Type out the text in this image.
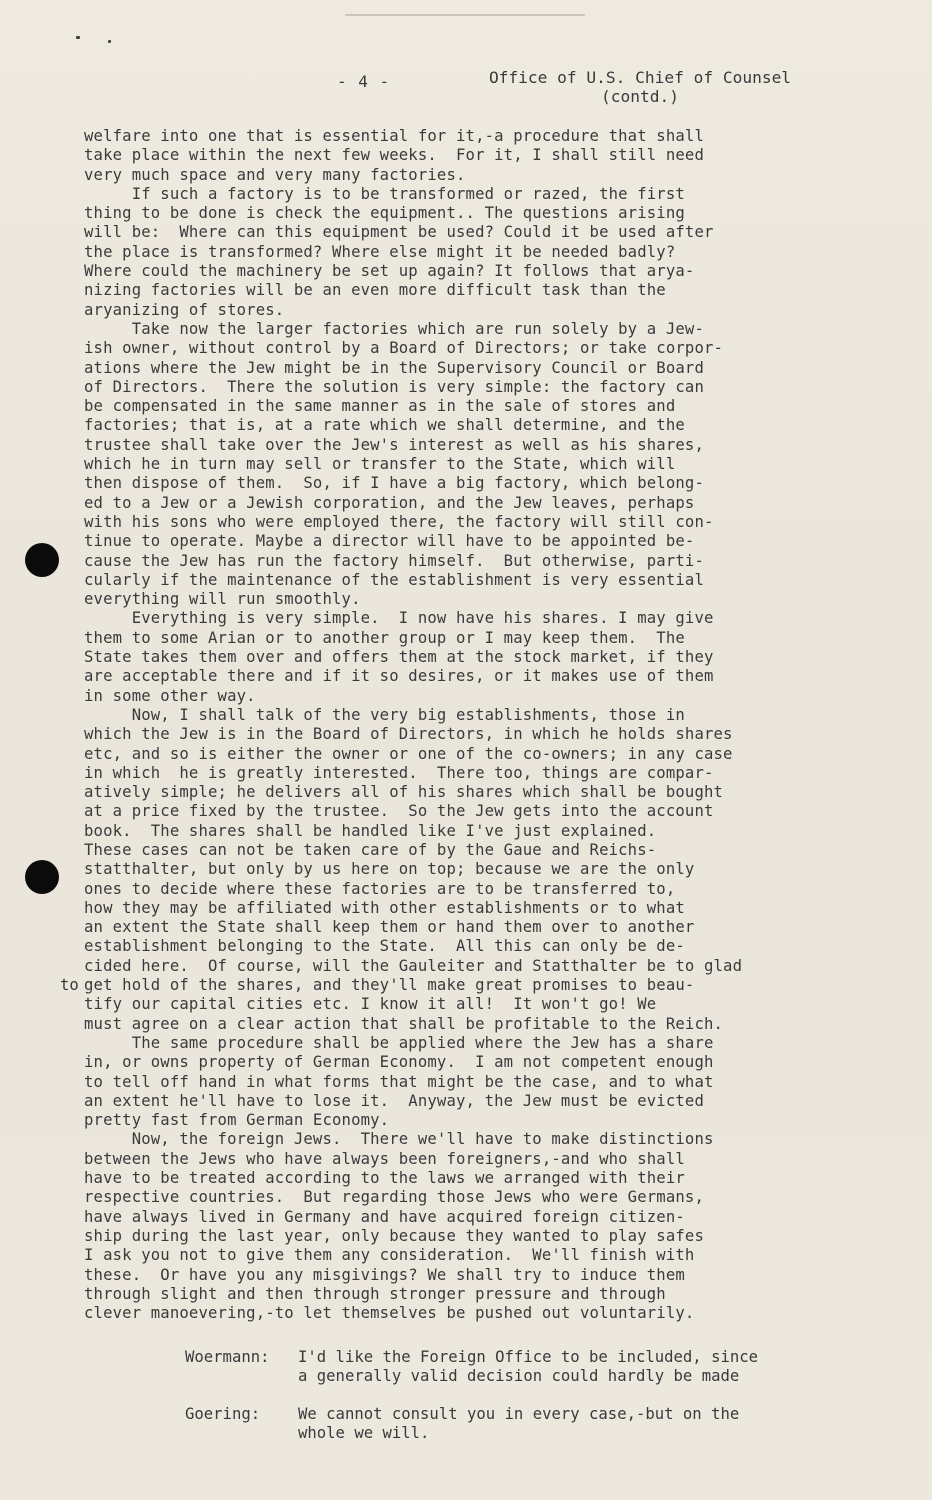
- 4 -	Office of U.S. Chief of Counsel
(contd.)
welfare into one that is essential for it,-a procedure that shall
take place within the next few weeks.  For it, I shall still need
very much space and very many factories.
If such a factory is to be transformed or razed, the first
thing to be done is check the equipment.. The questions arising
will be:  Where can this equipment be used? Could it be used after
the place is transformed? Where else might it be needed badly?
Where could the machinery be set up again? It follows that arya-
nizing factories will be an even more difficult task than the
aryanizing of stores.
Take now the larger factories which are run solely by a Jew-
ish owner, without control by a Board of Directors; or take corpor-
ations where the Jew might be in the Supervisory Council or Board
of Directors.  There the solution is very simple: the factory can
be compensated in the same manner as in the sale of stores and
factories; that is, at a rate which we shall determine, and the
trustee shall take over the Jew's interest as well as his shares,
which he in turn may sell or transfer to the State, which will
then dispose of them.  So, if I have a big factory, which belong-
ed to a Jew or a Jewish corporation, and the Jew leaves, perhaps
with his sons who were employed there, the factory will still con-
tinue to operate. Maybe a director will have to be appointed be-
cause the Jew has run the factory himself.  But otherwise, parti-
cularly if the maintenance of the establishment is very essential
everything will run smoothly.
Everything is very simple.  I now have his shares. I may give
them to some Arian or to another group or I may keep them.  The
State takes them over and offers them at the stock market, if they
are acceptable there and if it so desires, or it makes use of them
in some other way.
Now, I shall talk of the very big establishments, those in
which the Jew is in the Board of Directors, in which he holds shares
etc, and so is either the owner or one of the co-owners; in any case
in which  he is greatly interested.  There too, things are compar-
atively simple; he delivers all of his shares which shall be bought
at a price fixed by the trustee.  So the Jew gets into the account
book.  The shares shall be handled like I've just explained.
These cases can not be taken care of by the Gaue and Reichs-
statthalter, but only by us here on top; because we are the only
ones to decide where these factories are to be transferred to,
how they may be affiliated with other establishments or to what
an extent the State shall keep them or hand them over to another
establishment belonging to the State.  All this can only be de-
cided here.  Of course, will the Gauleiter and Statthalter be to glad
get hold of the shares, and they'll make great promises to beau-
tify our capital cities etc. I know it all!  It won't go! We
must agree on a clear action that shall be profitable to the Reich.
The same procedure shall be applied where the Jew has a share
in, or owns property of German Economy.  I am not competent enough
to tell off hand in what forms that might be the case, and to what
an extent he'll have to lose it.  Anyway, the Jew must be evicted
pretty fast from German Economy.
Now, the foreign Jews.  There we'll have to make distinctions
between the Jews who have always been foreigners,-and who shall
have to be treated according to the laws we arranged with their
respective countries.  But regarding those Jews who were Germans,
have always lived in Germany and have acquired foreign citizen-
ship during the last year, only because they wanted to play safes
I ask you not to give them any consideration.  We'll finish with
these.  Or have you any misgivings? We shall try to induce them
through slight and then through stronger pressure and through
clever manoevering,-to let themselves be pushed out voluntarily.
to
Woermann: I'd like the Foreign Office to be included, since
a generally valid decision could hardly be made
Goering: We cannot consult you in every case,-but on the
whole we will.
